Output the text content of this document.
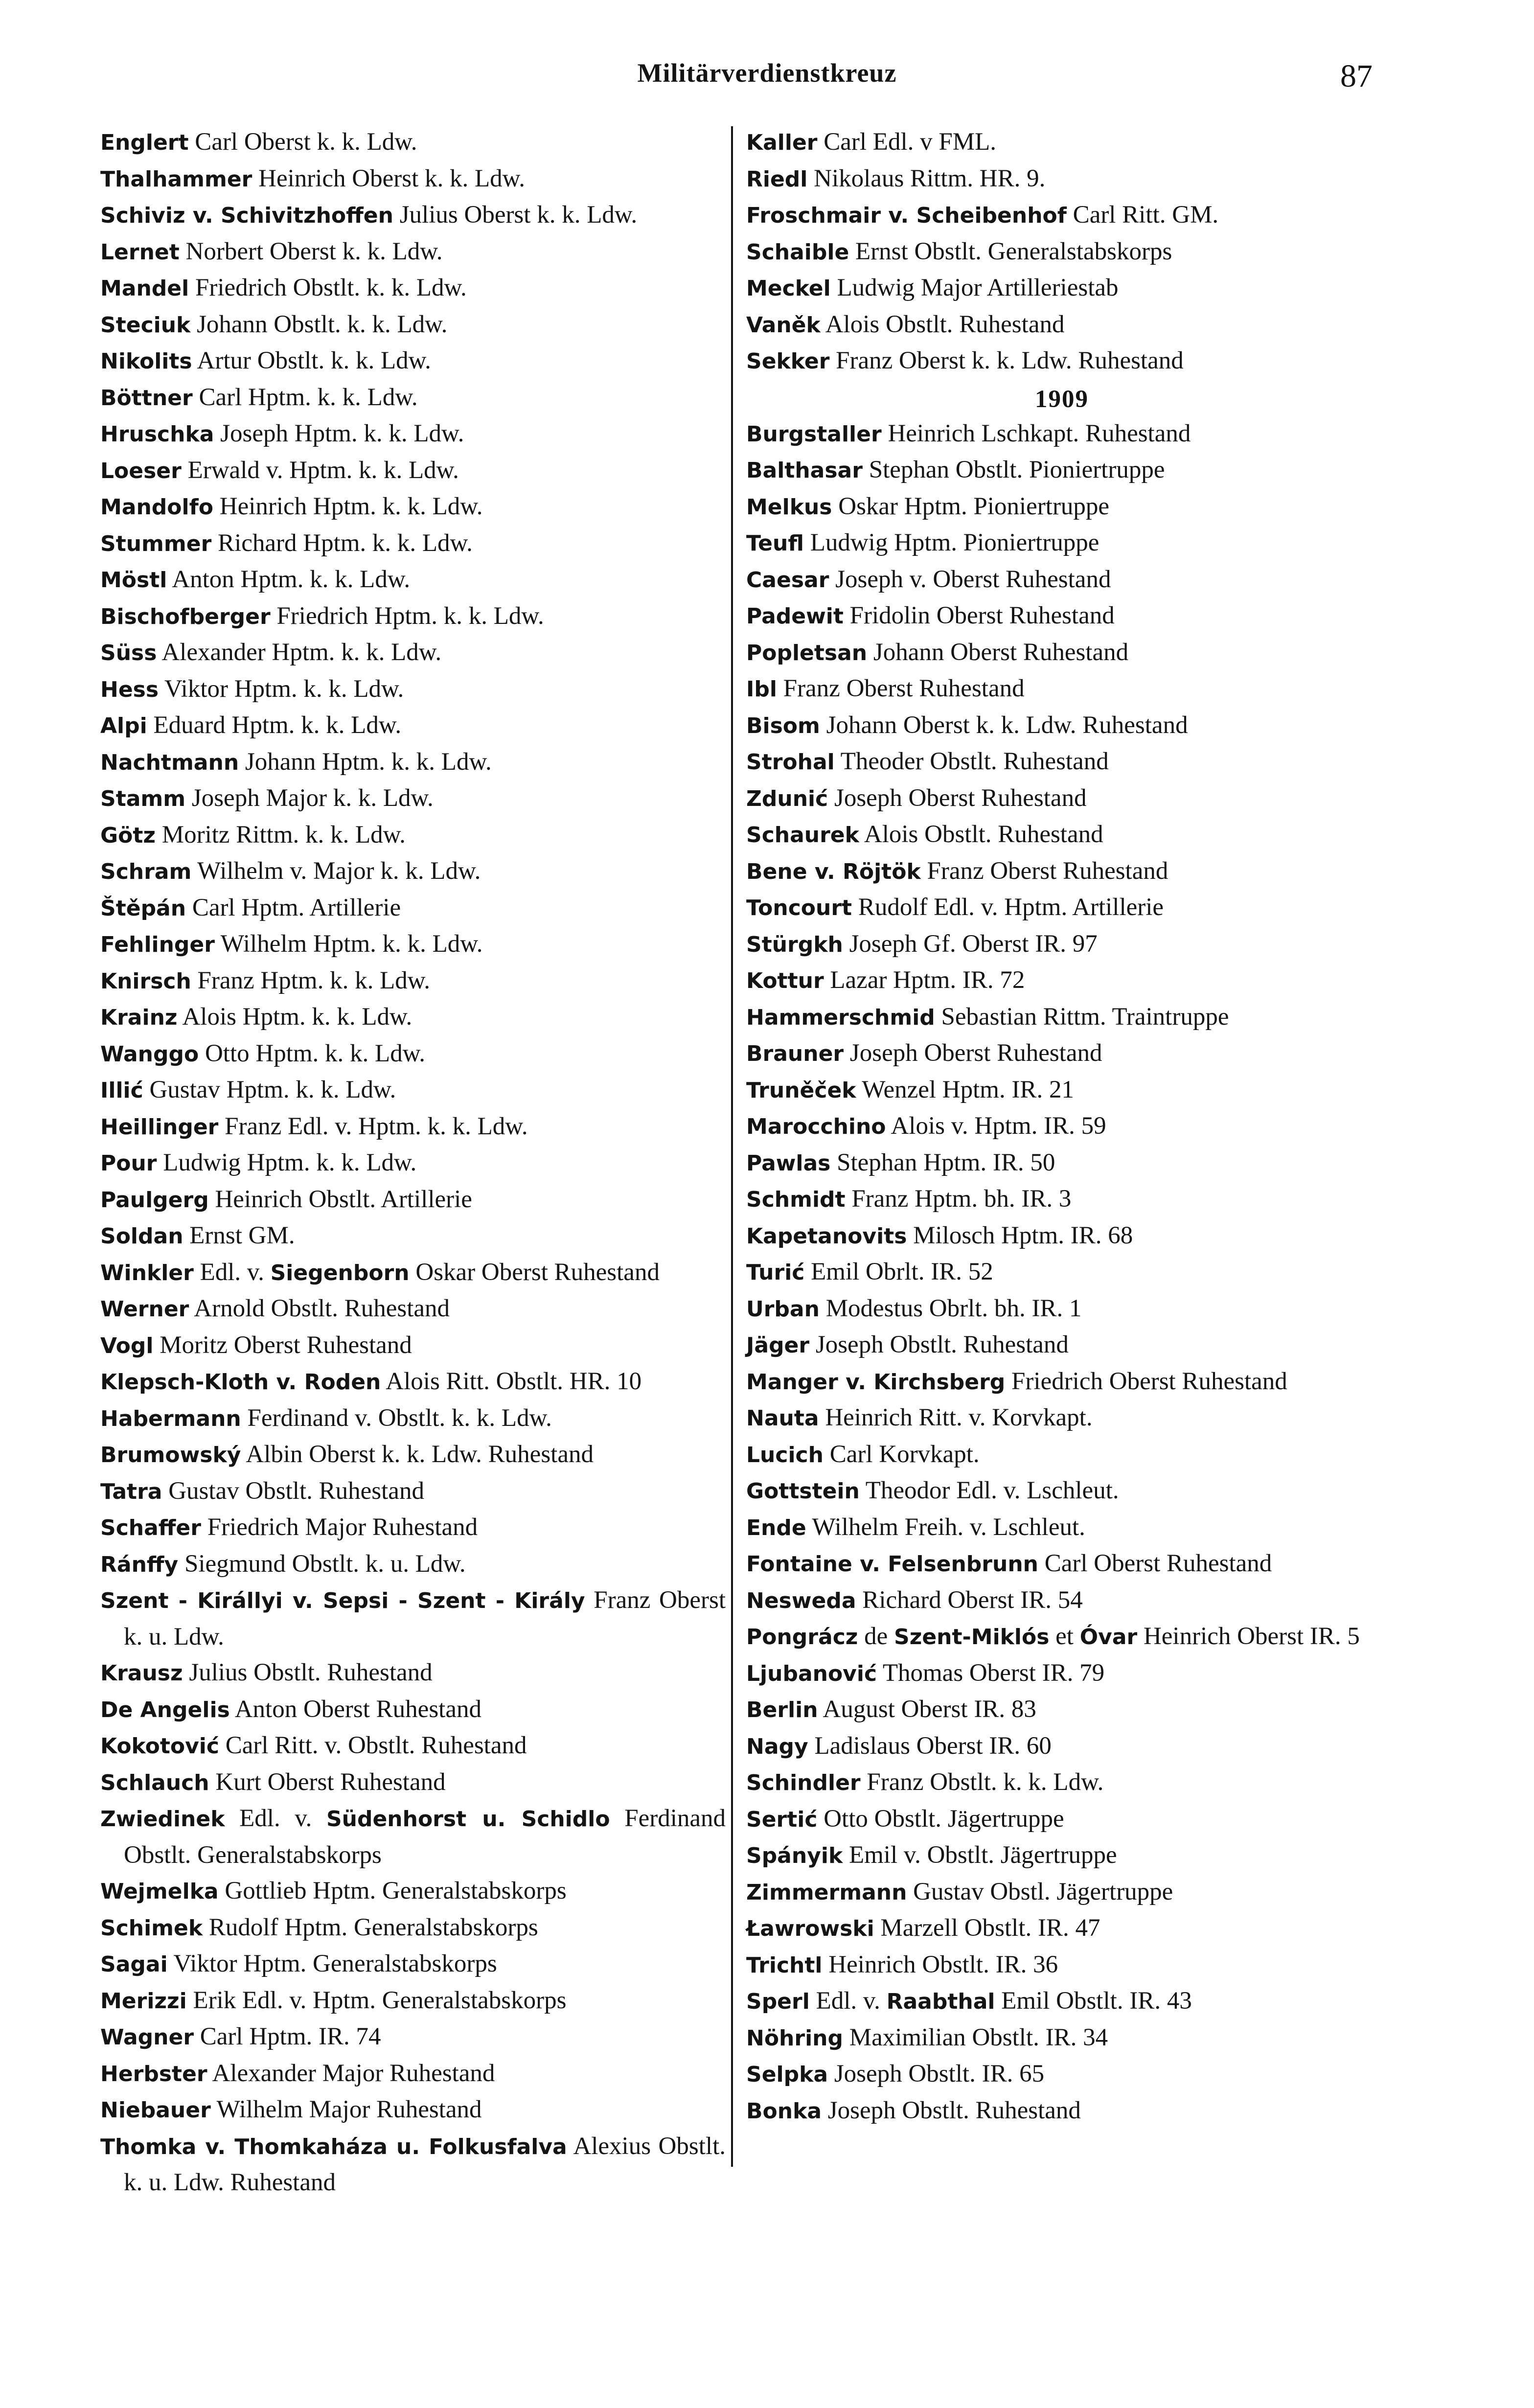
Militärverdienstkreuz	87
Englert Carl Oberst k. k. Ldw.
Thalhammer Heinrich Oberst k. k. Ldw.
Schiviz v. Schivitzhoffen Julius Oberst k. k. Ldw.
Lernet Norbert Oberst k. k. Ldw.
Mandel Friedrich Obstlt. k. k. Ldw.
Steciuk Johann Obstlt. k. k. Ldw.
Nikolits Artur Obstlt. k. k. Ldw.
Böttner Carl Hptm. k. k. Ldw.
Hruschka Joseph Hptm. k. k. Ldw.
Loeser Erwald v. Hptm. k. k. Ldw.
Mandolfo Heinrich Hptm. k. k. Ldw.
Stummer Richard Hptm. k. k. Ldw.
Möstl Anton Hptm. k. k. Ldw.
Bischofberger Friedrich Hptm. k. k. Ldw.
Süss Alexander Hptm. k. k. Ldw.
Hess Viktor Hptm. k. k. Ldw.
Alpi Eduard Hptm. k. k. Ldw.
Nachtmann Johann Hptm. k. k. Ldw.
Stamm Joseph Major k. k. Ldw.
Götz Moritz Rittm. k. k. Ldw.
Schram Wilhelm v. Major k. k. Ldw.
Štěpán Carl Hptm. Artillerie
Fehlinger Wilhelm Hptm. k. k. Ldw.
Knirsch Franz Hptm. k. k. Ldw.
Krainz Alois Hptm. k. k. Ldw.
Wanggo Otto Hptm. k. k. Ldw.
Illić Gustav Hptm. k. k. Ldw.
Heillinger Franz Edl. v. Hptm. k. k. Ldw.
Pour Ludwig Hptm. k. k. Ldw.
Paulgerg Heinrich Obstlt. Artillerie
Soldan Ernst GM.
Winkler Edl. v. Siegenborn Oskar Oberst Ruhestand
Werner Arnold Obstlt. Ruhestand
Vogl Moritz Oberst Ruhestand
Klepsch-Kloth v. Roden Alois Ritt. Obstlt. HR. 10
Habermann Ferdinand v. Obstlt. k. k. Ldw.
Brumowský Albin Oberst k. k. Ldw. Ruhestand
Tatra Gustav Obstlt. Ruhestand
Schaffer Friedrich Major Ruhestand
Ránffy Siegmund Obstlt. k. u. Ldw.
Szent - Királlyi v. Sepsi - Szent - Király Franz Oberst k. u. Ldw.
Krausz Julius Obstlt. Ruhestand
De Angelis Anton Oberst Ruhestand
Kokotović Carl Ritt. v. Obstlt. Ruhestand
Schlauch Kurt Oberst Ruhestand
Zwiedinek Edl. v. Südenhorst u. Schidlo Ferdinand Obstlt. Generalstabskorps
Wejmelka Gottlieb Hptm. Generalstabskorps
Schimek Rudolf Hptm. Generalstabskorps
Sagai Viktor Hptm. Generalstabskorps
Merizzi Erik Edl. v. Hptm. Generalstabskorps
Wagner Carl Hptm. IR. 74
Herbster Alexander Major Ruhestand
Niebauer Wilhelm Major Ruhestand
Thomka v. Thomkaháza u. Folkusfalva Alexius Obstlt. k. u. Ldw. Ruhestand
Kaller Carl Edl. v FML.
Riedl Nikolaus Rittm. HR. 9.
Froschmair v. Scheibenhof Carl Ritt. GM.
Schaible Ernst Obstlt. Generalstabskorps
Meckel Ludwig Major Artilleriestab
Vaněk Alois Obstlt. Ruhestand
Sekker Franz Oberst k. k. Ldw. Ruhestand
1909
Burgstaller Heinrich Lschkapt. Ruhestand
Balthasar Stephan Obstlt. Pioniertruppe
Melkus Oskar Hptm. Pioniertruppe
Teufl Ludwig Hptm. Pioniertruppe
Caesar Joseph v. Oberst Ruhestand
Padewit Fridolin Oberst Ruhestand
Popletsan Johann Oberst Ruhestand
Ibl Franz Oberst Ruhestand
Bisom Johann Oberst k. k. Ldw. Ruhestand
Strohal Theoder Obstlt. Ruhestand
Zdunić Joseph Oberst Ruhestand
Schaurek Alois Obstlt. Ruhestand
Bene v. Röjtök Franz Oberst Ruhestand
Toncourt Rudolf Edl. v. Hptm. Artillerie
Stürgkh Joseph Gf. Oberst IR. 97
Kottur Lazar Hptm. IR. 72
Hammerschmid Sebastian Rittm. Traintruppe
Brauner Joseph Oberst Ruhestand
Truněček Wenzel Hptm. IR. 21
Marocchino Alois v. Hptm. IR. 59
Pawlas Stephan Hptm. IR. 50
Schmidt Franz Hptm. bh. IR. 3
Kapetanovits Milosch Hptm. IR. 68
Turić Emil Obrlt. IR. 52
Urban Modestus Obrlt. bh. IR. 1
Jäger Joseph Obstlt. Ruhestand
Manger v. Kirchsberg Friedrich Oberst Ruhestand
Nauta Heinrich Ritt. v. Korvkapt.
Lucich Carl Korvkapt.
Gottstein Theodor Edl. v. Lschleut.
Ende Wilhelm Freih. v. Lschleut.
Fontaine v. Felsenbrunn Carl Oberst Ruhestand
Nesweda Richard Oberst IR. 54
Pongrácz de Szent-Miklós et Óvar Heinrich Oberst IR. 5
Ljubanović Thomas Oberst IR. 79
Berlin August Oberst IR. 83
Nagy Ladislaus Oberst IR. 60
Schindler Franz Obstlt. k. k. Ldw.
Sertić Otto Obstlt. Jägertruppe
Spányik Emil v. Obstlt. Jägertruppe
Zimmermann Gustav Obstl. Jägertruppe
Ławrowski Marzell Obstlt. IR. 47
Trichtl Heinrich Obstlt. IR. 36
Sperl Edl. v. Raabthal Emil Obstlt. IR. 43
Nöhring Maximilian Obstlt. IR. 34
Selpka Joseph Obstlt. IR. 65
Bonka Joseph Obstlt. Ruhestand
